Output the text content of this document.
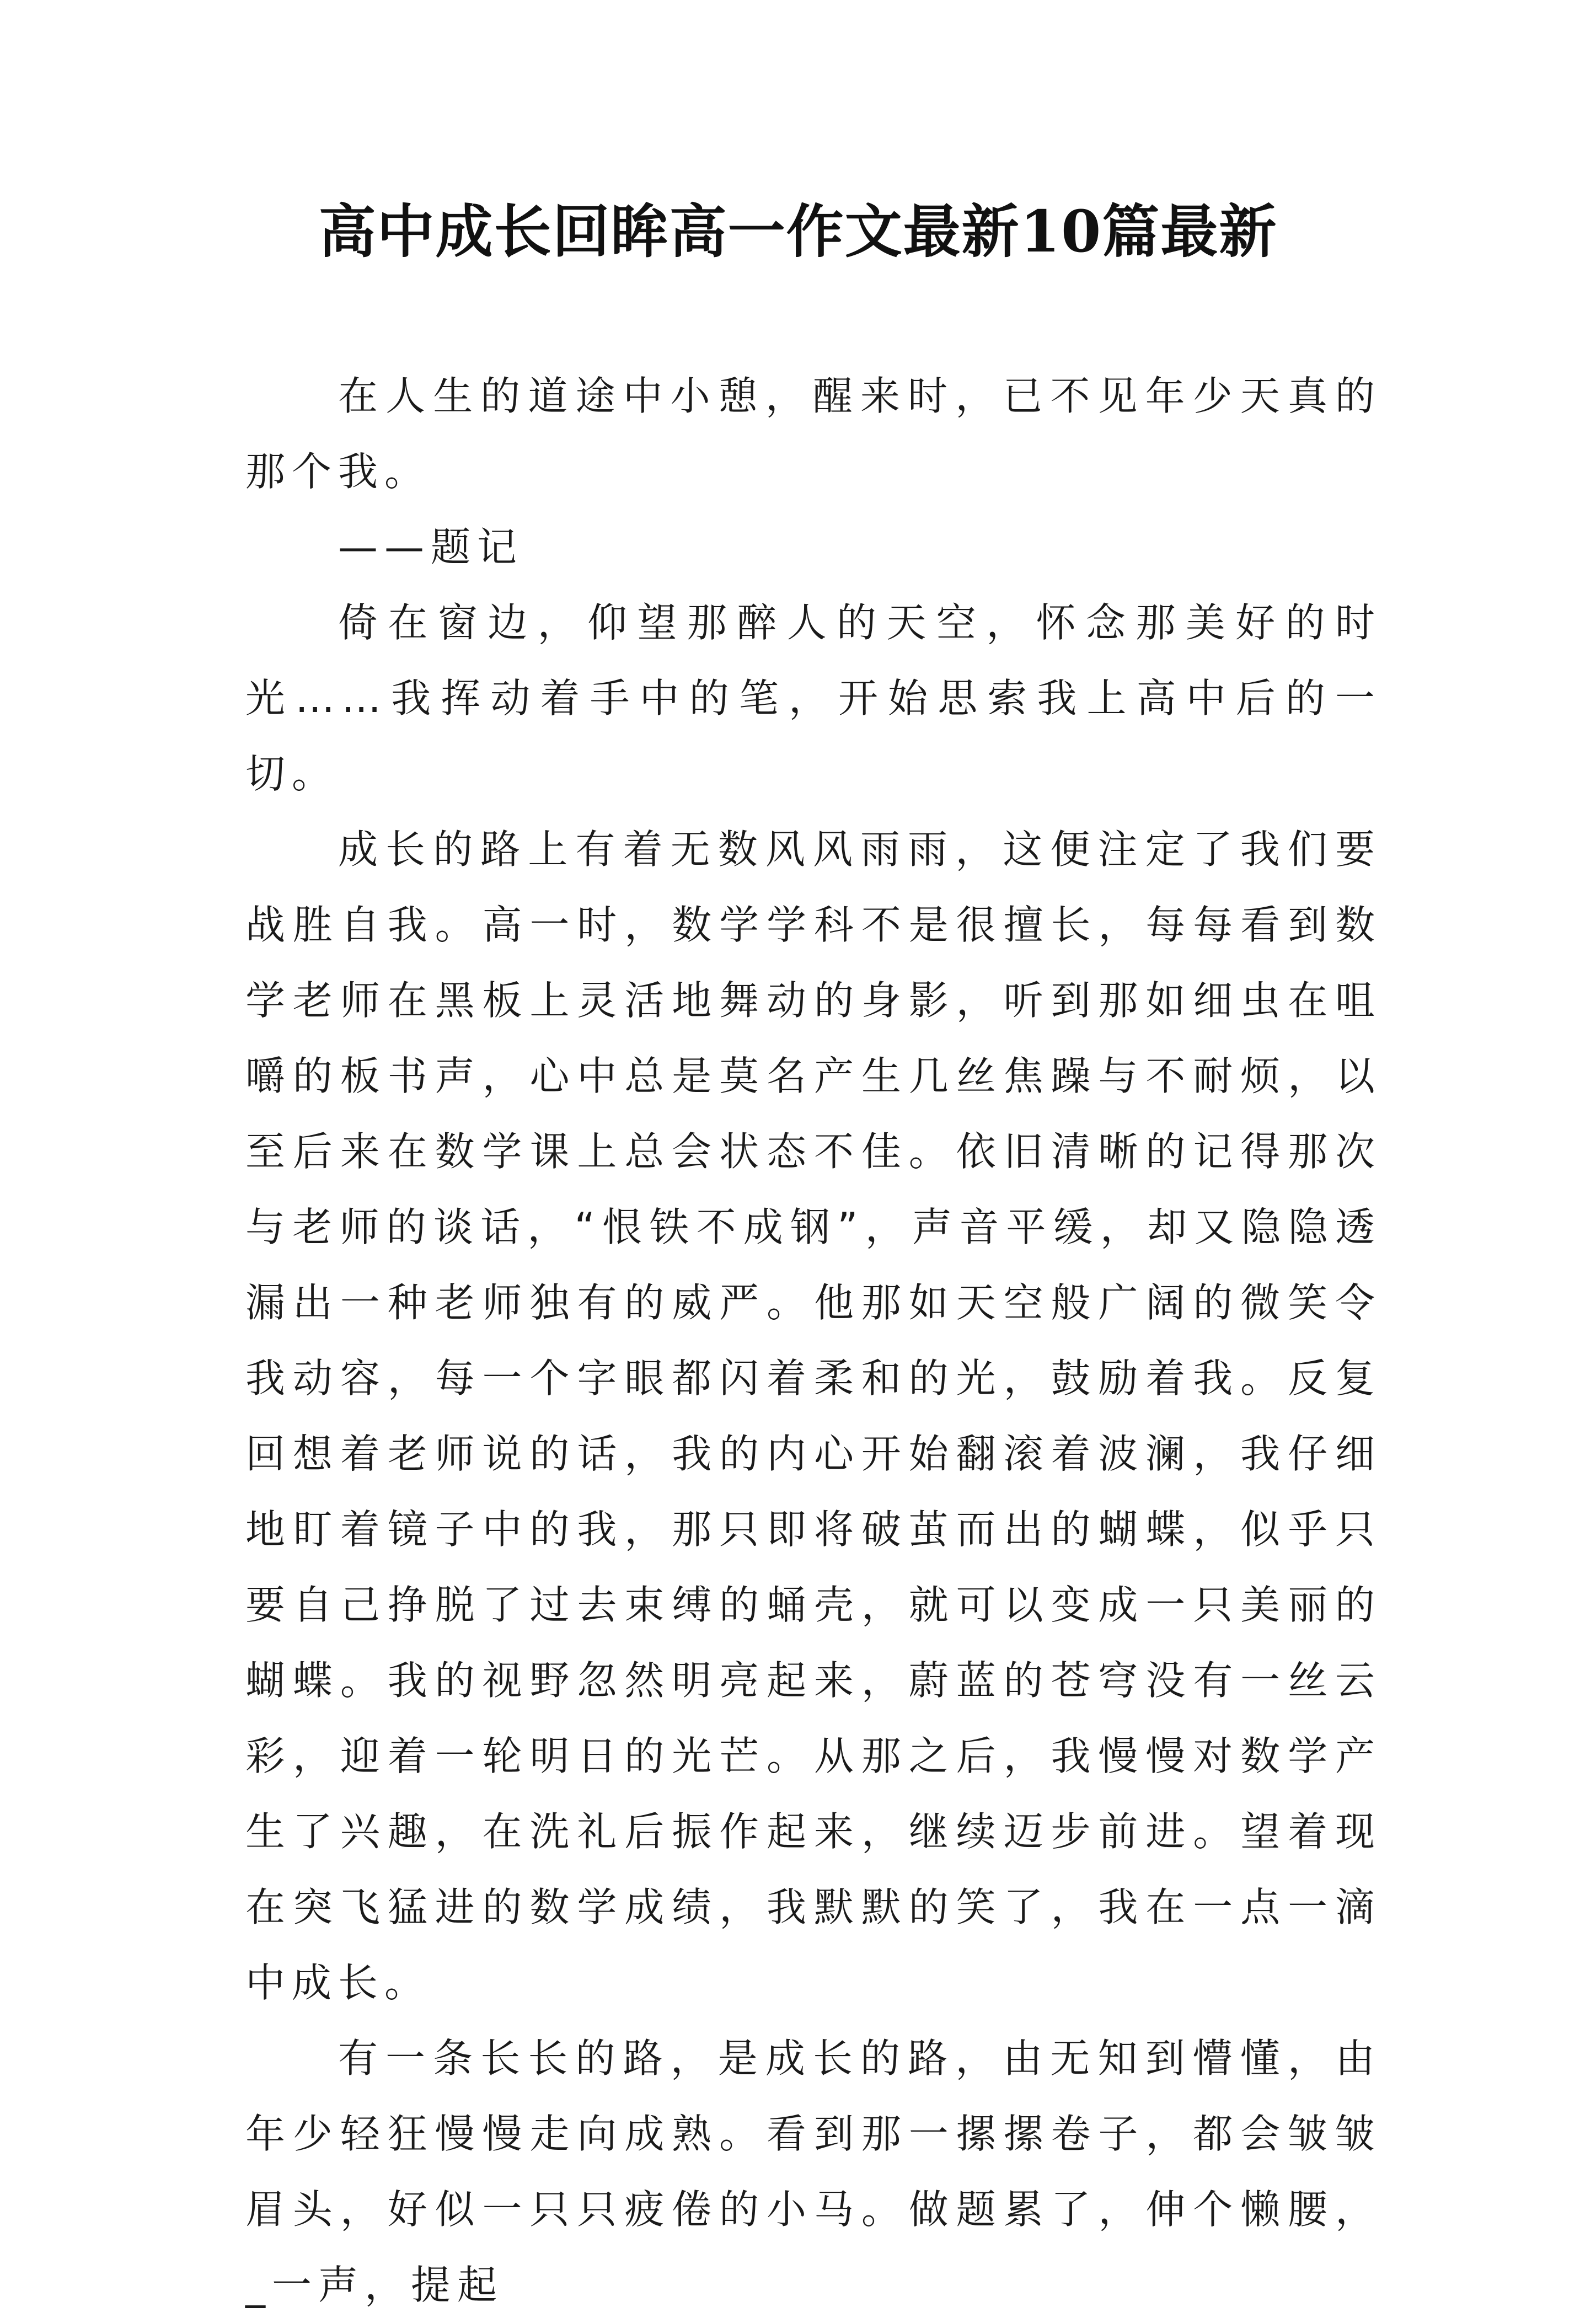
高中成长回眸高一作文最新10篇最新

在人生的道途中小憩，醒来时，已不见年少天真的那个我。

——题记

倚在窗边，仰望那醉人的天空，怀念那美好的时光……我挥动着手中的笔，开始思索我上高中后的一切。

成长的路上有着无数风风雨雨，这便注定了我们要战胜自我。高一时，数学学科不是很擅长，每每看到数学老师在黑板上灵活地舞动的身影，听到那如细虫在咀嚼的板书声，心中总是莫名产生几丝焦躁与不耐烦，以至后来在数学课上总会状态不佳。依旧清晰的记得那次与老师的谈话，“恨铁不成钢”，声音平缓，却又隐隐透漏出一种老师独有的威严。他那如天空般广阔的微笑令我动容，每一个字眼都闪着柔和的光，鼓励着我。反复回想着老师说的话，我的内心开始翻滚着波澜，我仔细地盯着镜子中的我，那只即将破茧而出的蝴蝶，似乎只要自己挣脱了过去束缚的蛹壳，就可以变成一只美丽的蝴蝶。我的视野忽然明亮起来，蔚蓝的苍穹没有一丝云彩，迎着一轮明日的光芒。从那之后，我慢慢对数学产生了兴趣，在洗礼后振作起来，继续迈步前进。望着现在突飞猛进的数学成绩，我默默的笑了，我在一点一滴中成长。

有一条长长的路，是成长的路，由无知到懵懂，由年少轻狂慢慢走向成熟。看到那一摞摞卷子，都会皱皱眉头，好似一只只疲倦的小马。做题累了，伸个懒腰，_一声，提起
